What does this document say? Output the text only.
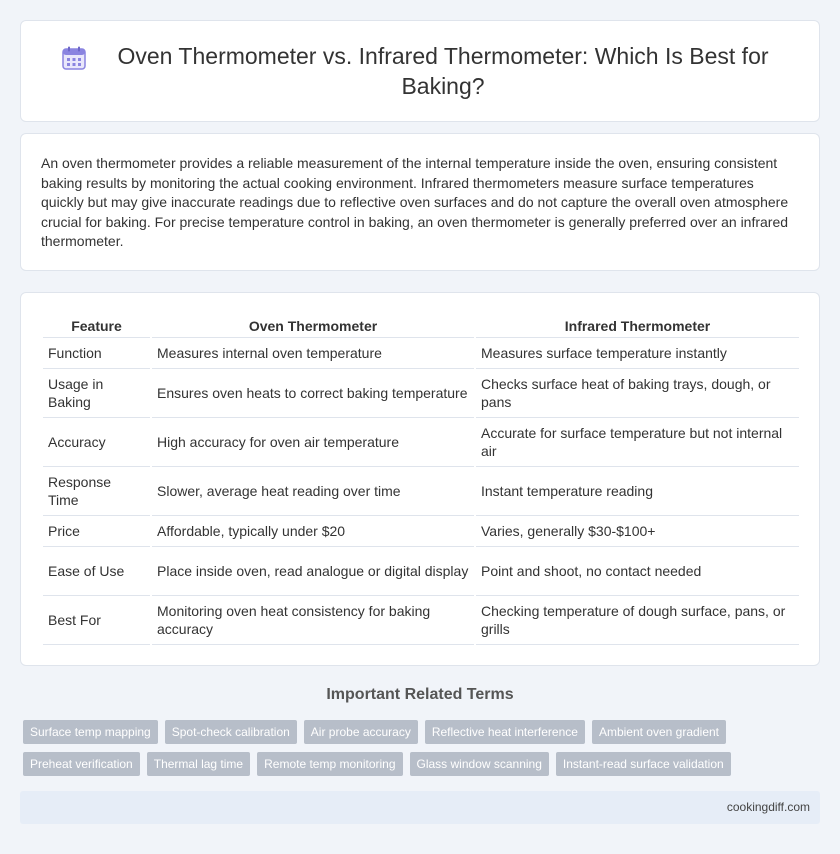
Oven Thermometer vs. Infrared Thermometer: Which Is Best for Baking?

An oven thermometer provides a reliable measurement of the internal temperature inside the oven, ensuring consistent baking results by monitoring the actual cooking environment. Infrared thermometers measure surface temperatures quickly but may give inaccurate readings due to reflective oven surfaces and do not capture the overall oven atmosphere crucial for baking. For precise temperature control in baking, an oven thermometer is generally preferred over an infrared thermometer.

Feature	Oven Thermometer	Infrared Thermometer
Function	Measures internal oven temperature	Measures surface temperature instantly
Usage in Baking	Ensures oven heats to correct baking temperature	Checks surface heat of baking trays, dough, or pans
Accuracy	High accuracy for oven air temperature	Accurate for surface temperature but not internal air
Response Time	Slower, average heat reading over time	Instant temperature reading
Price	Affordable, typically under $20	Varies, generally $30-$100+
Ease of Use	Place inside oven, read analogue or digital display	Point and shoot, no contact needed
Best For	Monitoring oven heat consistency for baking accuracy	Checking temperature of dough surface, pans, or grills
Important Related Terms
Surface temp mapping	Spot-check calibration	Air probe accuracy	Reflective heat interference	Ambient oven gradient
Preheat verification	Thermal lag time	Remote temp monitoring	Glass window scanning	Instant-read surface validation
cookingdiff.com
